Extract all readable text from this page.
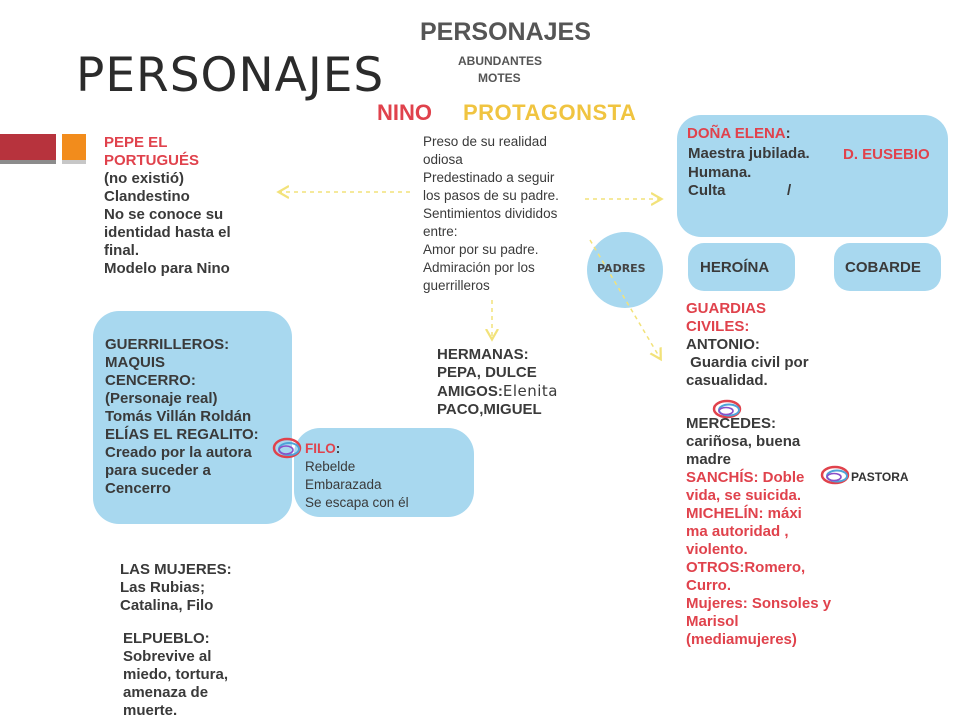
PERSONAJES
PERSONAJES
ABUNDANTES
MOTES
NINO PROTAGONSTA
PEPE EL
PORTUGUÉS
(no existió)
Clandestino
No se conoce su
identidad hasta el
final.
Modelo para Nino
Preso de su realidad
odiosa
Predestinado a seguir
los pasos de su padre.
Sentimientos divididos
entre:
Amor por su padre.
Admiración por los
guerrilleros
DOÑA ELENA:
Maestra jubilada.
Humana.
Culta	/
D. EUSEBIO
HEROÍNA	COBARDE
PADRES
GUARDIAS
CIVILES:
ANTONIO:
Guardia civil por
casualidad.
MERCEDES:
cariñosa, buena
madre
SANCHÍS: Doble
vida, se suicida.
MICHELÍN: máxi
ma autoridad ,
violento.
OTROS:Romero,
Curro.
Mujeres: Sonsoles y
Marisol
(mediamujeres)
PASTORA
HERMANAS:
PEPA, DULCE
AMIGOS:Elenita
PACO,MIGUEL
GUERRILLEROS:
MAQUIS
CENCERRO:
(Personaje real)
Tomás Villán Roldán
ELÍAS EL REGALITO:
Creado por la autora
para suceder a
Cencerro
FILO:
Rebelde
Embarazada
Se escapa con él
LAS MUJERES:
Las Rubias;
Catalina, Filo
ELPUEBLO:
Sobrevive al
miedo, tortura,
amenaza de
muerte.
